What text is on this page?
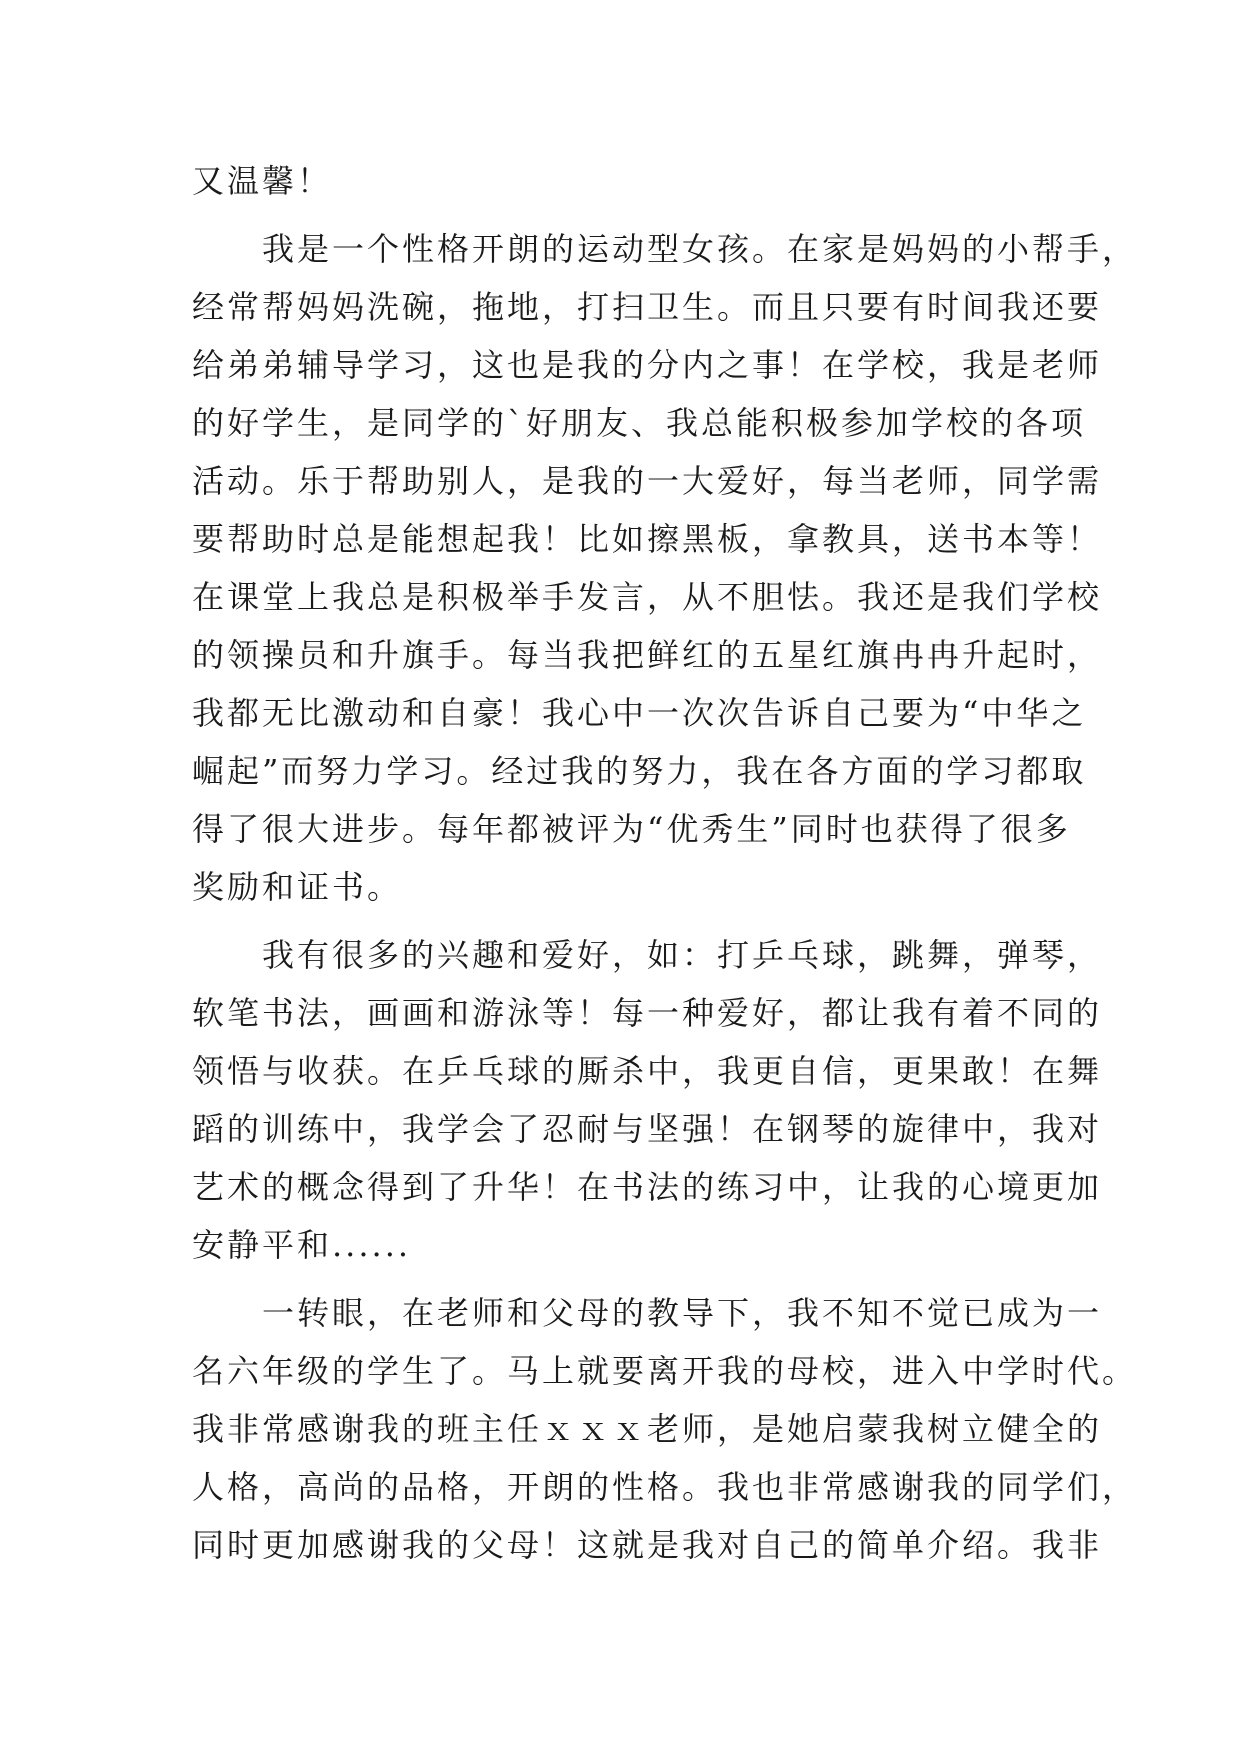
又温馨！
　　我是一个性格开朗的运动型女孩。在家是妈妈的小帮手，
经常帮妈妈洗碗，拖地，打扫卫生。而且只要有时间我还要
给弟弟辅导学习，这也是我的分内之事！在学校，我是老师
的好学生，是同学的`好朋友、我总能积极参加学校的各项
活动。乐于帮助别人，是我的一大爱好，每当老师，同学需
要帮助时总是能想起我！比如擦黑板，拿教具，送书本等！
在课堂上我总是积极举手发言，从不胆怯。我还是我们学校
的领操员和升旗手。每当我把鲜红的五星红旗冉冉升起时，
我都无比激动和自豪！我心中一次次告诉自己要为“中华之
崛起”而努力学习。经过我的努力，我在各方面的学习都取
得了很大进步。每年都被评为“优秀生”同时也获得了很多
奖励和证书。
　　我有很多的兴趣和爱好，如：打乒乓球，跳舞，弹琴，
软笔书法，画画和游泳等！每一种爱好，都让我有着不同的
领悟与收获。在乒乓球的厮杀中，我更自信，更果敢！在舞
蹈的训练中，我学会了忍耐与坚强！在钢琴的旋律中，我对
艺术的概念得到了升华！在书法的练习中，让我的心境更加
安静平和......
　　一转眼，在老师和父母的教导下，我不知不觉已成为一
名六年级的学生了。马上就要离开我的母校，进入中学时代。
我非常感谢我的班主任ｘｘｘ老师，是她启蒙我树立健全的
人格，高尚的品格，开朗的性格。我也非常感谢我的同学们，
同时更加感谢我的父母！这就是我对自己的简单介绍。我非
